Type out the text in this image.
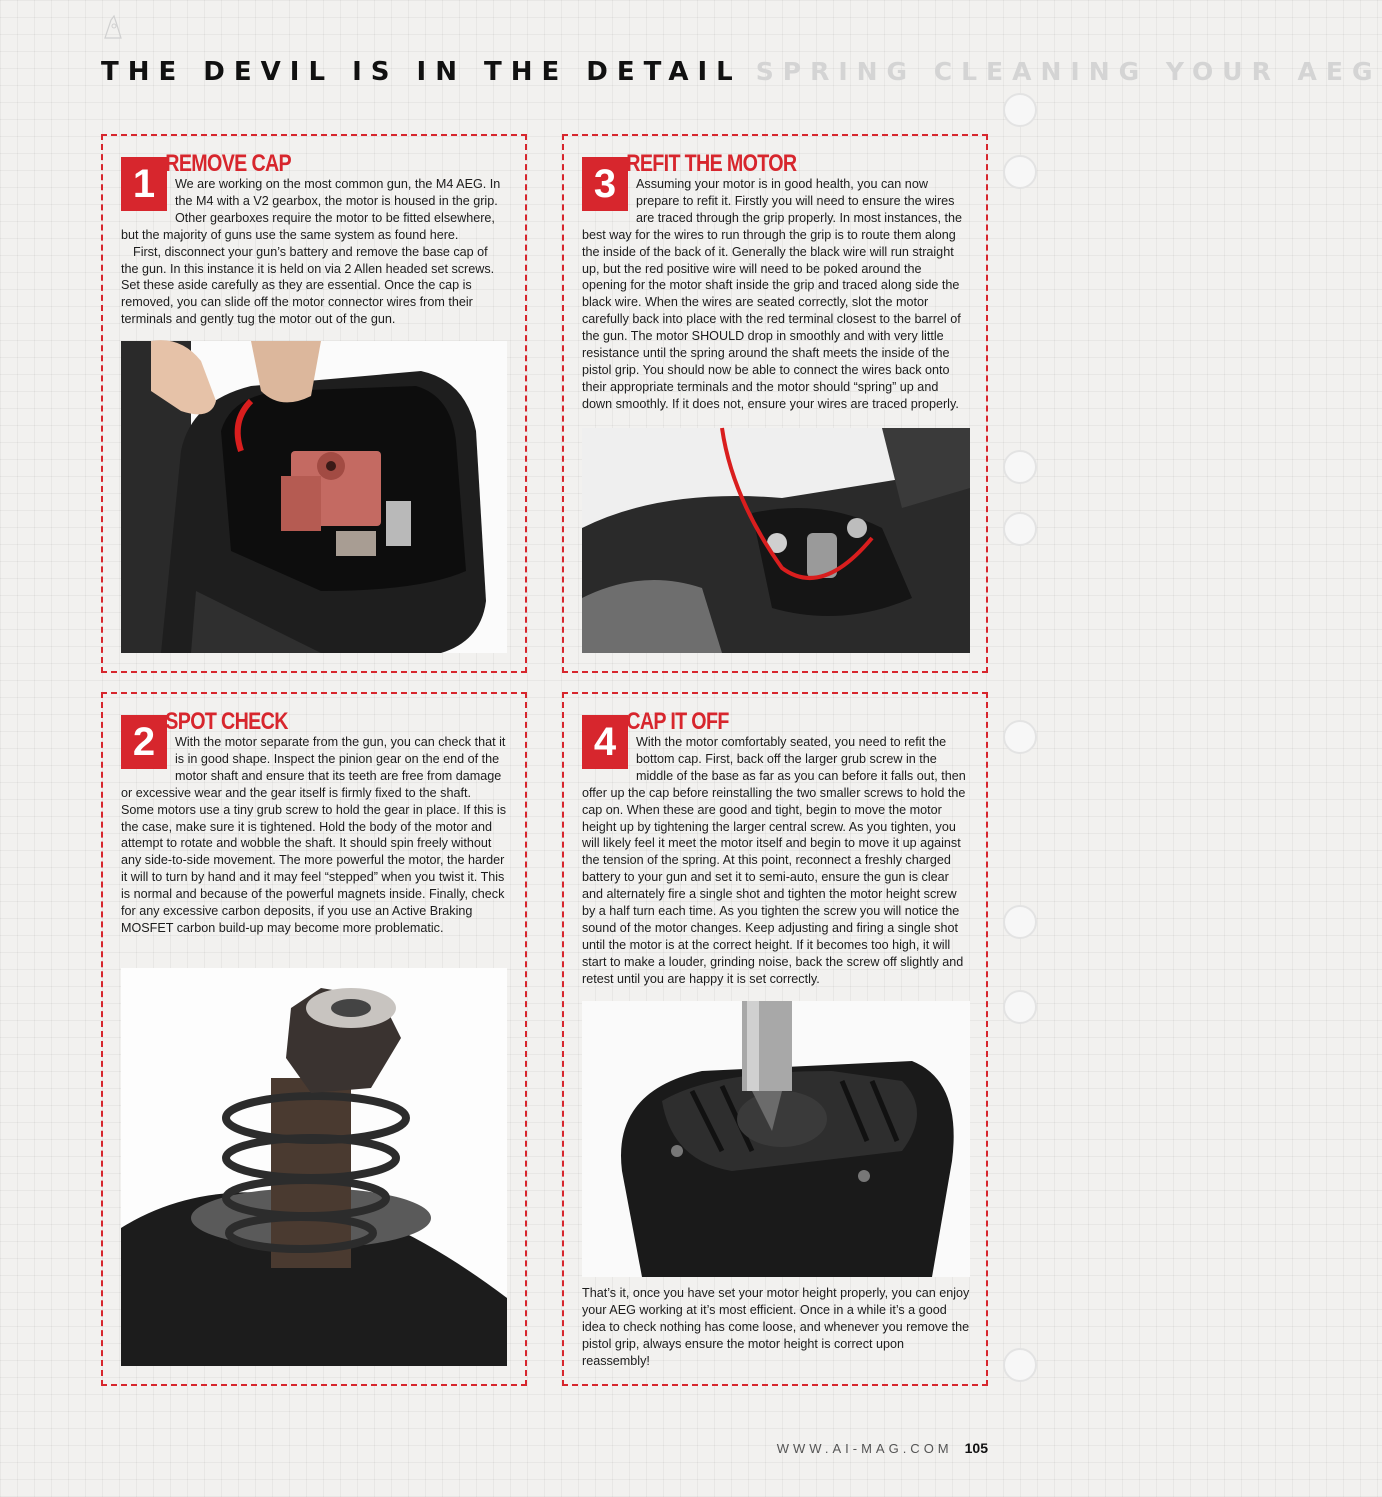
THE DEVIL IS IN THE DETAIL SPRING CLEANING YOUR AEG
1 REMOVE CAP

We are working on the most common gun, the M4 AEG. In the M4 with a V2 gearbox, the motor is housed in the grip. Other gearboxes require the motor to be fitted elsewhere, but the majority of guns use the same system as found here.
First, disconnect your gun’s battery and remove the base cap of the gun. In this instance it is held on via 2 Allen headed set screws. Set these aside carefully as they are essential. Once the cap is removed, you can slide off the motor connector wires from their terminals and gently tug the motor out of the gun.

2 SPOT CHECK

With the motor separate from the gun, you can check that it is in good shape. Inspect the pinion gear on the end of the motor shaft and ensure that its teeth are free from damage or excessive wear and the gear itself is firmly fixed to the shaft. Some motors use a tiny grub screw to hold the gear in place. If this is the case, make sure it is tightened. Hold the body of the motor and attempt to rotate and wobble the shaft. It should spin freely without any side-to-side movement. The more powerful the motor, the harder it will to turn by hand and it may feel “stepped” when you twist it. This is normal and because of the powerful magnets inside. Finally, check for any excessive carbon deposits, if you use an Active Braking MOSFET carbon build-up may become more problematic.

3 REFIT THE MOTOR

Assuming your motor is in good health, you can now prepare to refit it. Firstly you will need to ensure the wires are traced through the grip properly. In most instances, the best way for the wires to run through the grip is to route them along the inside of the back of it. Generally the black wire will run straight up, but the red positive wire will need to be poked around the opening for the motor shaft inside the grip and traced along side the black wire. When the wires are seated correctly, slot the motor carefully back into place with the red terminal closest to the barrel of the gun. The motor SHOULD drop in smoothly and with very little resistance until the spring around the shaft meets the inside of the pistol grip. You should now be able to connect the wires back onto their appropriate terminals and the motor should “spring” up and down smoothly. If it does not, ensure your wires are traced properly.

4 CAP IT OFF

With the motor comfortably seated, you need to refit the bottom cap. First, back off the larger grub screw in the middle of the base as far as you can before it falls out, then offer up the cap before reinstalling the two smaller screws to hold the cap on. When these are good and tight, begin to move the motor height up by tightening the larger central screw. As you tighten, you will likely feel it meet the motor itself and begin to move it up against the tension of the spring. At this point, reconnect a freshly charged battery to your gun and set it to semi-auto, ensure the gun is clear and alternately fire a single shot and tighten the motor height screw by a half turn each time. As you tighten the screw you will notice the sound of the motor changes. Keep adjusting and firing a single shot until the motor is at the correct height. If it becomes too high, it will start to make a louder, grinding noise, back the screw off slightly and retest until you are happy it is set correctly.

That’s it, once you have set your motor height properly, you can enjoy your AEG working at it’s most efficient. Once in a while it’s a good idea to check nothing has come loose, and whenever you remove the pistol grip, always ensure the motor height is correct upon reassembly!

WWW.AI-MAG.COM 105
